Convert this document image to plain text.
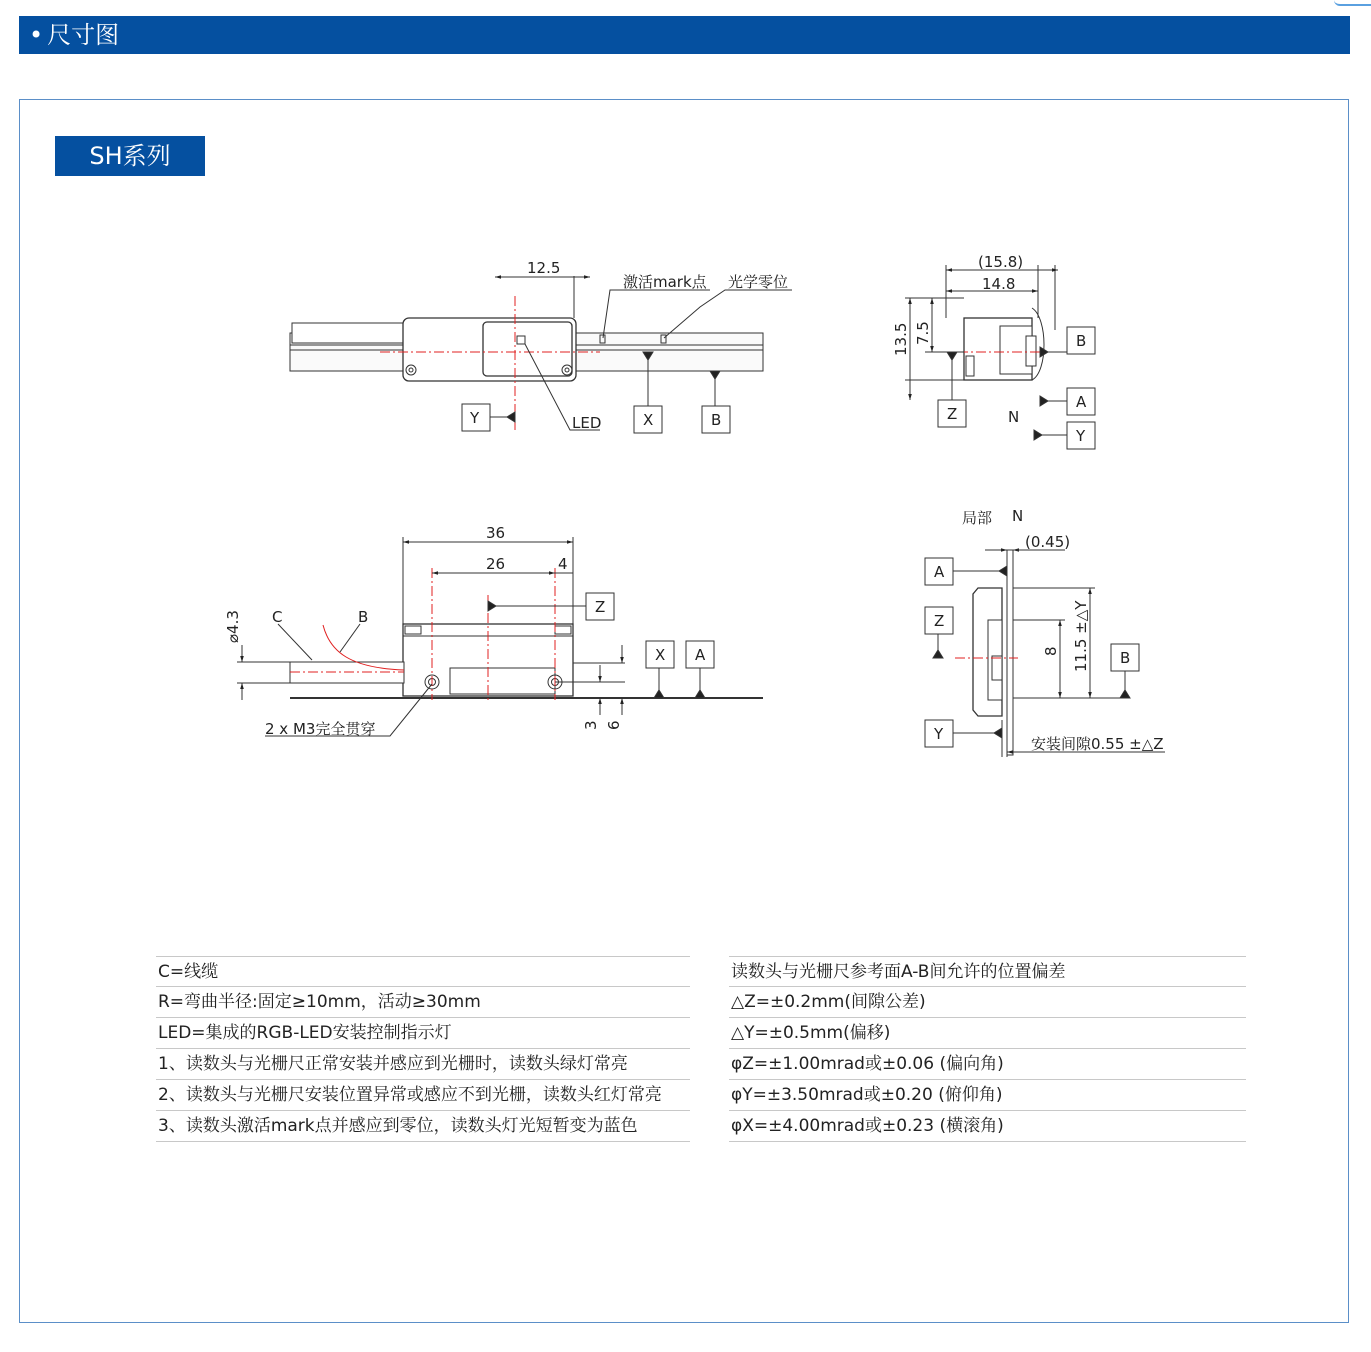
• 尺寸图
SH系列
12.5
激活mark点 光学零位
LED
Y	X	B
(15.8)
14.8
13.5 7.5	B
A
Y
Z	N
36
26	4
⌀4.3 C	B
Z
X A
3 6
2 x M3完全贯穿
局部 N
(0.45)
A
Z
Y
B
8 11.5 ±△Y
安装间隙0.55 ±△Z
C=线缆
R=弯曲半径:固定≥10mm，活动≥30mm
LED=集成的RGB-LED安装控制指示灯
1、读数头与光栅尺正常安装并感应到光栅时，读数头绿灯常亮
2、读数头与光栅尺安装位置异常或感应不到光栅，读数头红灯常亮
3、读数头激活mark点并感应到零位，读数头灯光短暂变为蓝色
读数头与光栅尺参考面A-B间允许的位置偏差
△Z=±0.2mm(间隙公差)
△Y=±0.5mm(偏移)
φZ=±1.00mrad或±0.06 (偏向角)
φY=±3.50mrad或±0.20 (俯仰角)
φX=±4.00mrad或±0.23 (横滚角)
